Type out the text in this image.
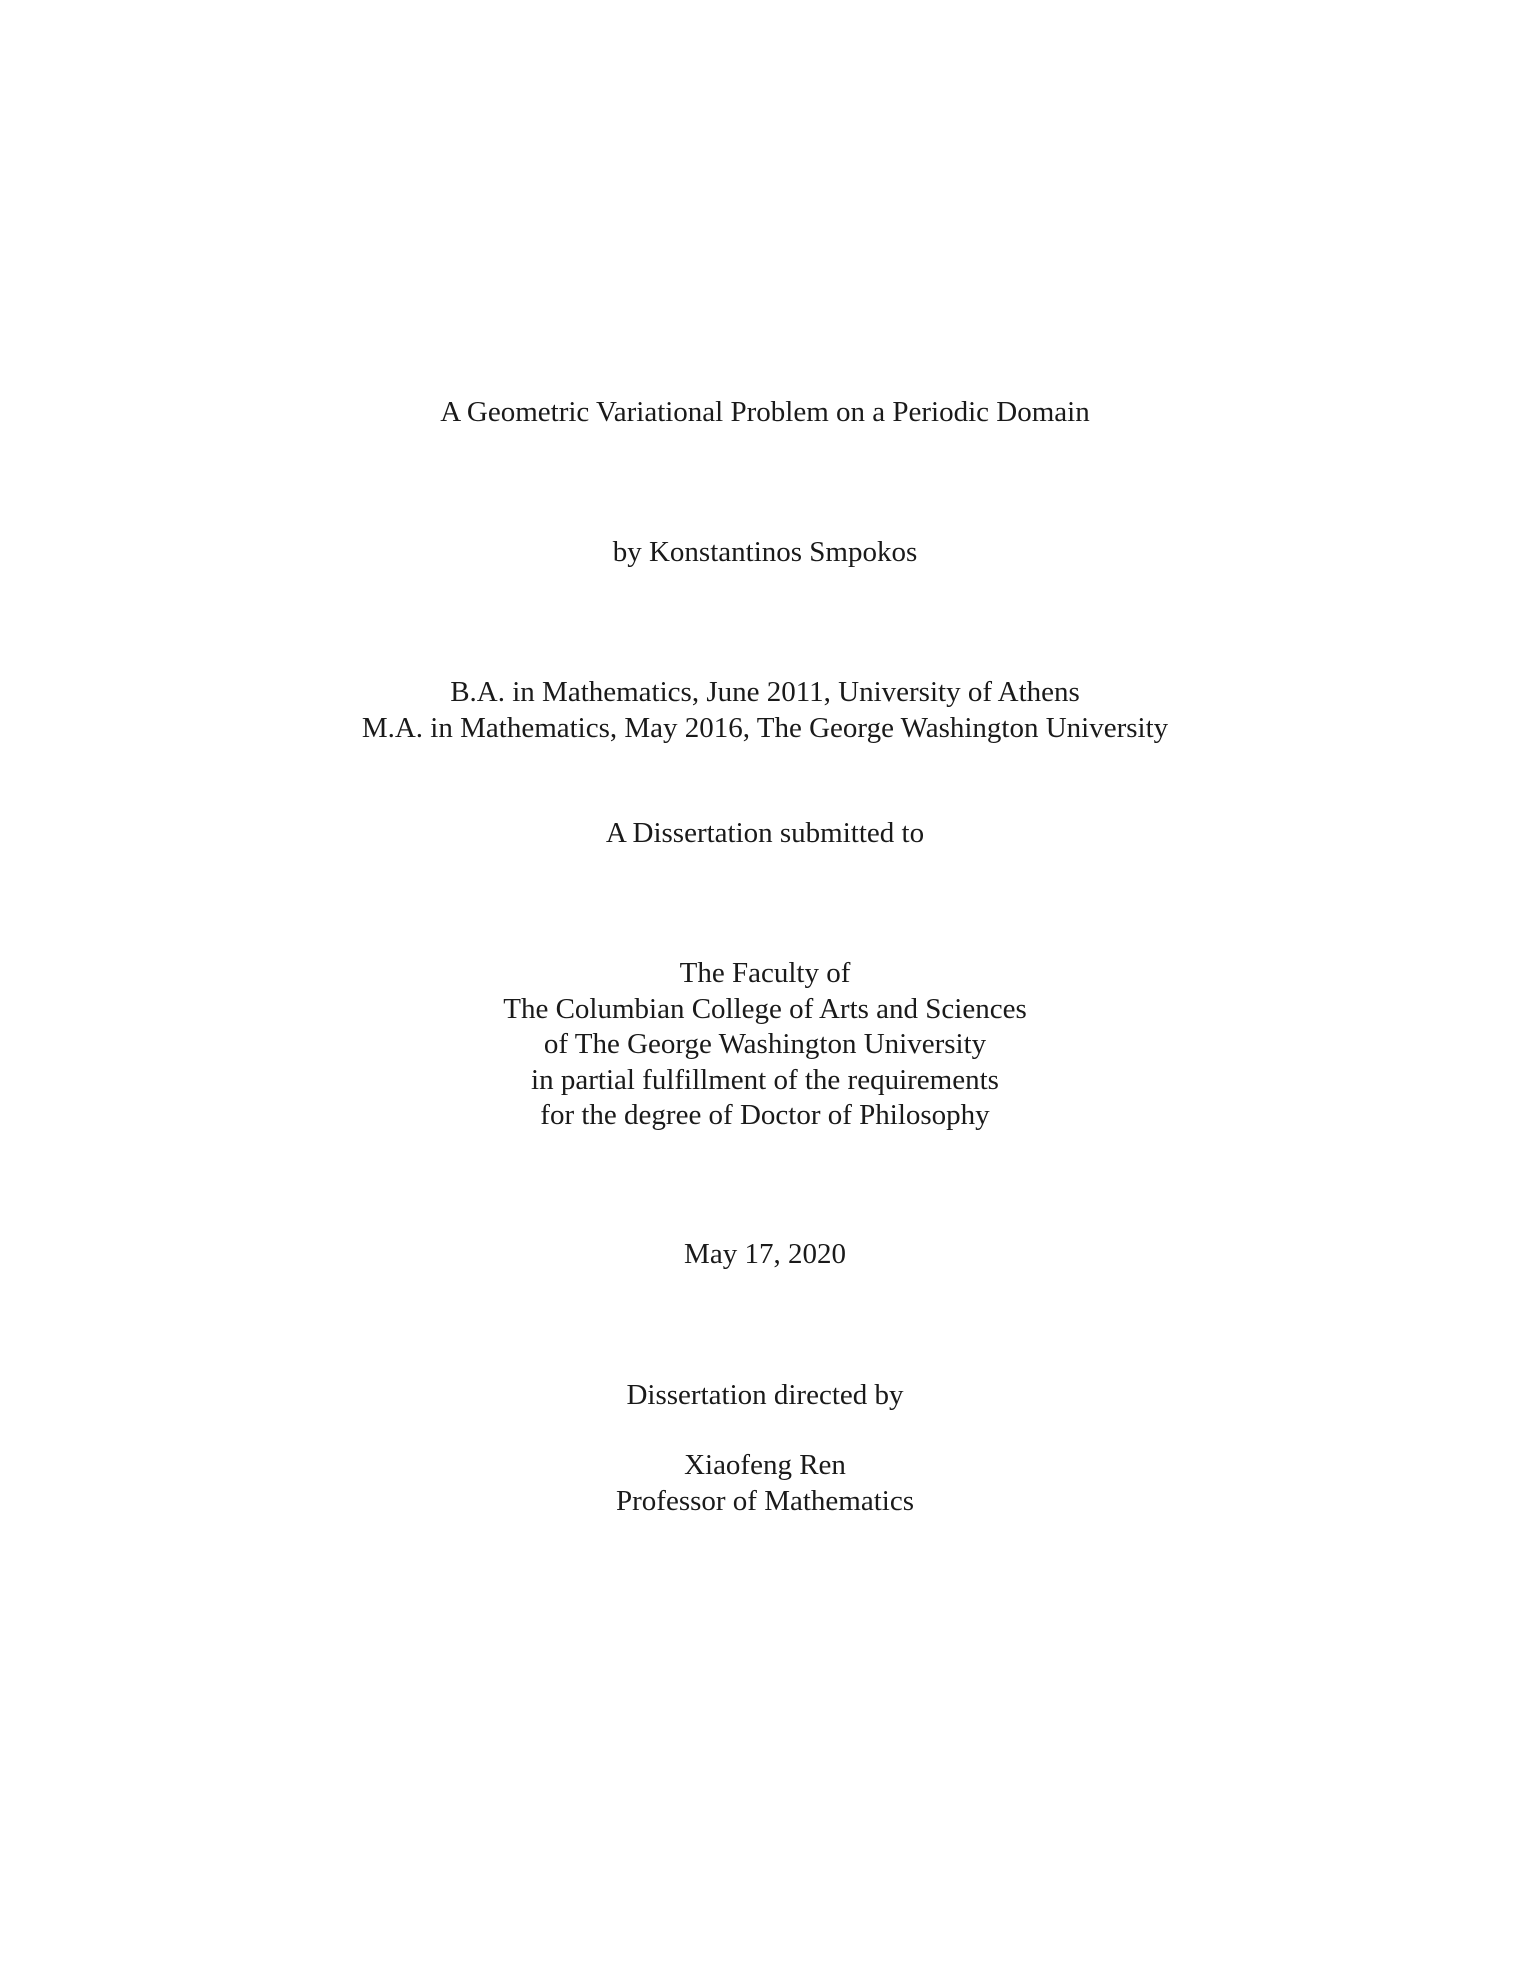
A Geometric Variational Problem on a Periodic Domain
by Konstantinos Smpokos
B.A. in Mathematics, June 2011, University of Athens
M.A. in Mathematics, May 2016, The George Washington University
A Dissertation submitted to
The Faculty of
The Columbian College of Arts and Sciences
of The George Washington University
in partial fulfillment of the requirements
for the degree of Doctor of Philosophy
May 17, 2020
Dissertation directed by
Xiaofeng Ren
Professor of Mathematics
